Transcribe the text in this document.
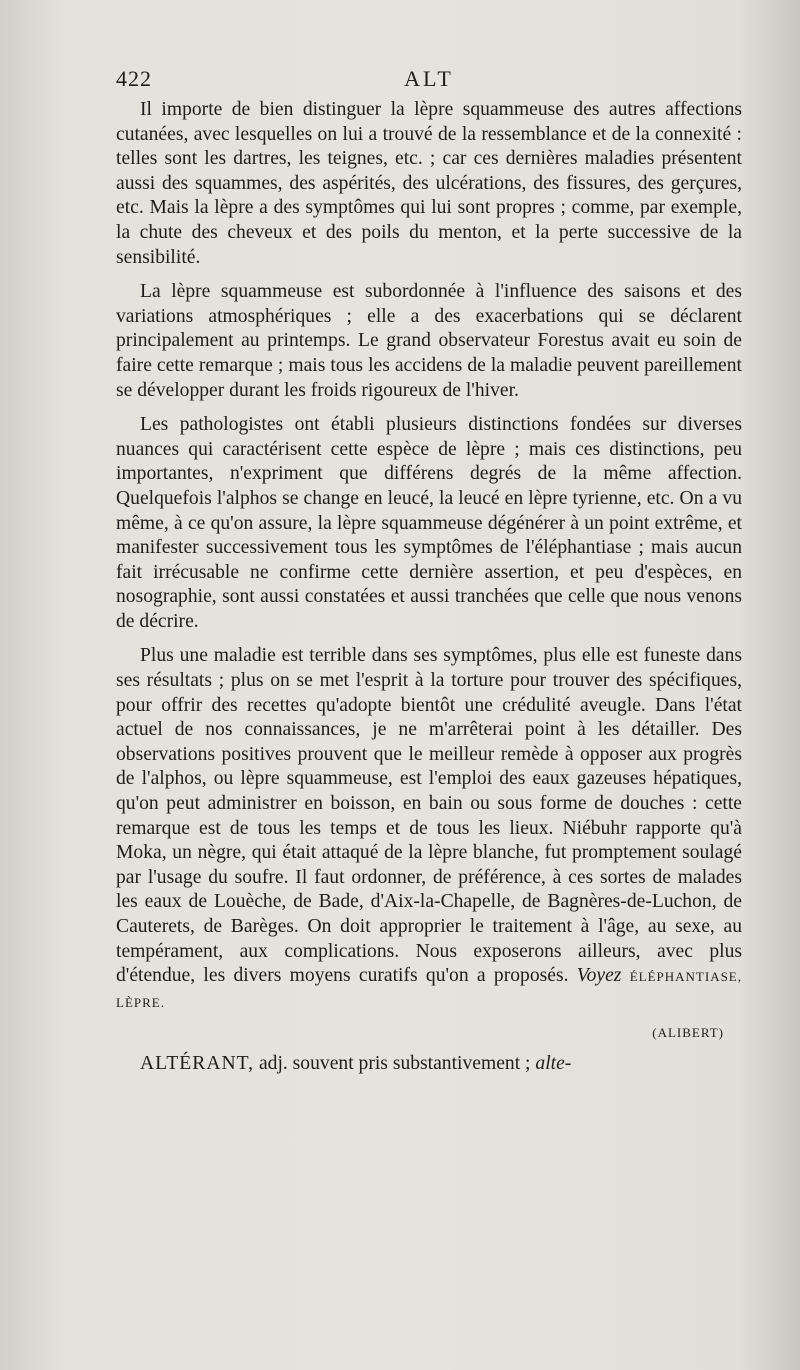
422	ALT

Il importe de bien distinguer la lèpre squammeuse des autres affections cutanées, avec lesquelles on lui a trouvé de la ressemblance et de la connexité : telles sont les dartres, les teignes, etc. ; car ces dernières maladies présentent aussi des squammes, des aspérités, des ulcérations, des fissures, des gerçures, etc. Mais la lèpre a des symptômes qui lui sont propres ; comme, par exemple, la chute des cheveux et des poils du menton, et la perte successive de la sensibilité.

La lèpre squammeuse est subordonnée à l'influence des saisons et des variations atmosphériques ; elle a des exacerbations qui se déclarent principalement au printemps. Le grand observateur Forestus avait eu soin de faire cette remarque ; mais tous les accidens de la maladie peuvent pareillement se développer durant les froids rigoureux de l'hiver.

Les pathologistes ont établi plusieurs distinctions fondées sur diverses nuances qui caractérisent cette espèce de lèpre ; mais ces distinctions, peu importantes, n'expriment que différens degrés de la même affection. Quelquefois l'alphos se change en leucé, la leucé en lèpre tyrienne, etc. On a vu même, à ce qu'on assure, la lèpre squammeuse dégénérer à un point extrême, et manifester successivement tous les symptômes de l'éléphantiase ; mais aucun fait irrécusable ne confirme cette dernière assertion, et peu d'espèces, en nosographie, sont aussi constatées et aussi tranchées que celle que nous venons de décrire.

Plus une maladie est terrible dans ses symptômes, plus elle est funeste dans ses résultats ; plus on se met l'esprit à la torture pour trouver des spécifiques, pour offrir des recettes qu'adopte bientôt une crédulité aveugle. Dans l'état actuel de nos connaissances, je ne m'arrêterai point à les détailler. Des observations positives prouvent que le meilleur remède à opposer aux progrès de l'alphos, ou lèpre squammeuse, est l'emploi des eaux gazeuses hépatiques, qu'on peut administrer en boisson, en bain ou sous forme de douches : cette remarque est de tous les temps et de tous les lieux. Niébuhr rapporte qu'à Moka, un nègre, qui était attaqué de la lèpre blanche, fut promptement soulagé par l'usage du soufre. Il faut ordonner, de préférence, à ces sortes de malades les eaux de Louèche, de Bade, d'Aix-la-Chapelle, de Bagnères-de-Luchon, de Cauterets, de Barèges. On doit approprier le traitement à l'âge, au sexe, au tempérament, aux complications. Nous exposerons ailleurs, avec plus d'étendue, les divers moyens curatifs qu'on a proposés. Voyez ÉLÉPHANTIASE, LÈPRE.

(ALIBERT)

ALTÉRANT, adj. souvent pris substantivement ; alte-
